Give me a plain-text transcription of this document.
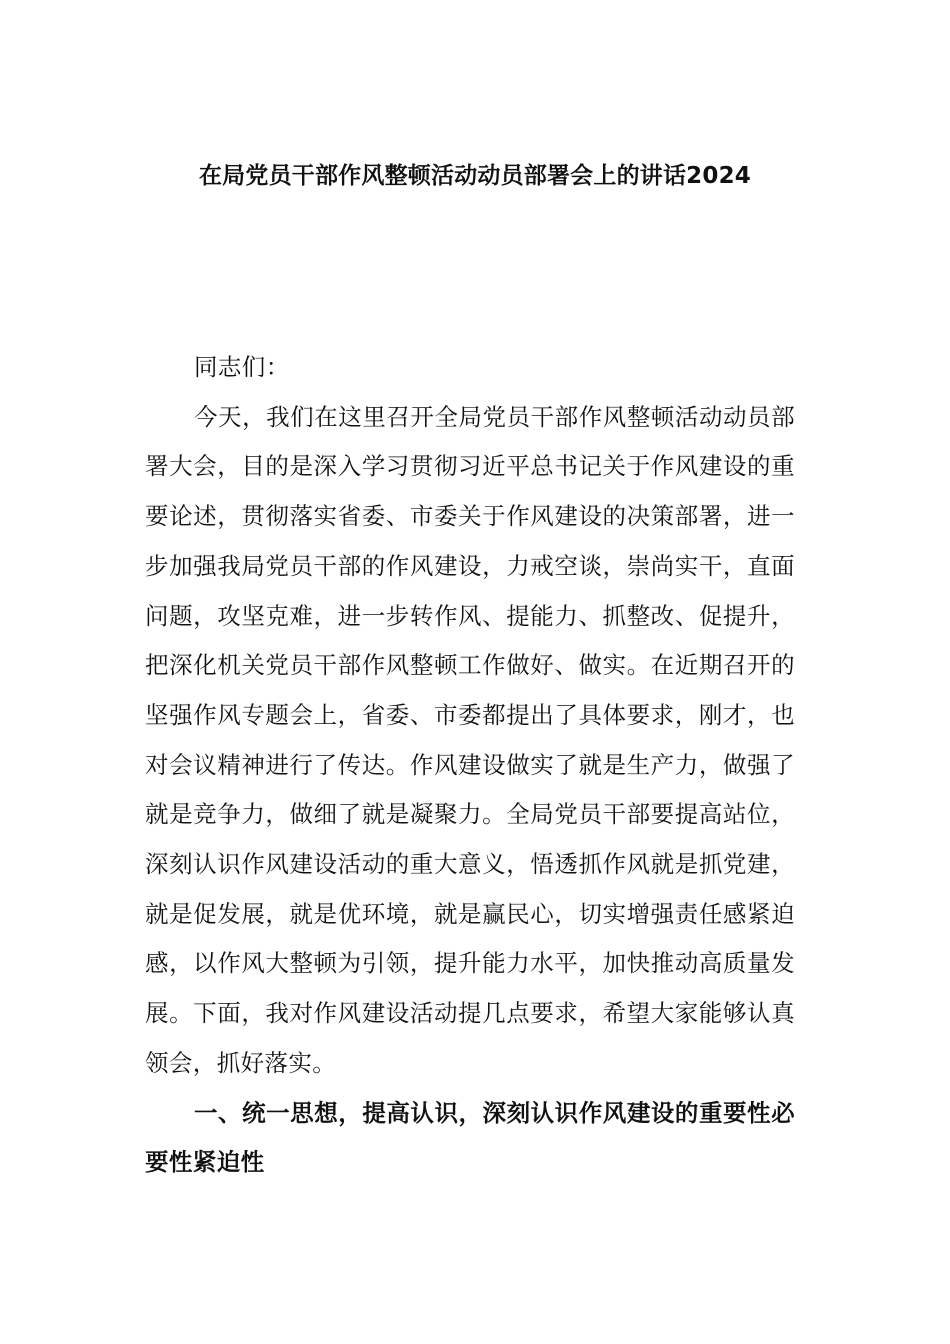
在局党员干部作风整顿活动动员部署会上的讲话2024

同志们：

今天，我们在这里召开全局党员干部作风整顿活动动员部署大会，目的是深入学习贯彻习近平总书记关于作风建设的重要论述，贯彻落实省委、市委关于作风建设的决策部署，进一步加强我局党员干部的作风建设，力戒空谈，崇尚实干，直面问题，攻坚克难，进一步转作风、提能力、抓整改、促提升，把深化机关党员干部作风整顿工作做好、做实。在近期召开的坚强作风专题会上，省委、市委都提出了具体要求，刚才，也对会议精神进行了传达。作风建设做实了就是生产力，做强了就是竞争力，做细了就是凝聚力。全局党员干部要提高站位，深刻认识作风建设活动的重大意义，悟透抓作风就是抓党建，就是促发展，就是优环境，就是赢民心，切实增强责任感紧迫感，以作风大整顿为引领，提升能力水平，加快推动高质量发展。下面，我对作风建设活动提几点要求，希望大家能够认真领会，抓好落实。

一、统一思想，提高认识，深刻认识作风建设的重要性必要性紧迫性
